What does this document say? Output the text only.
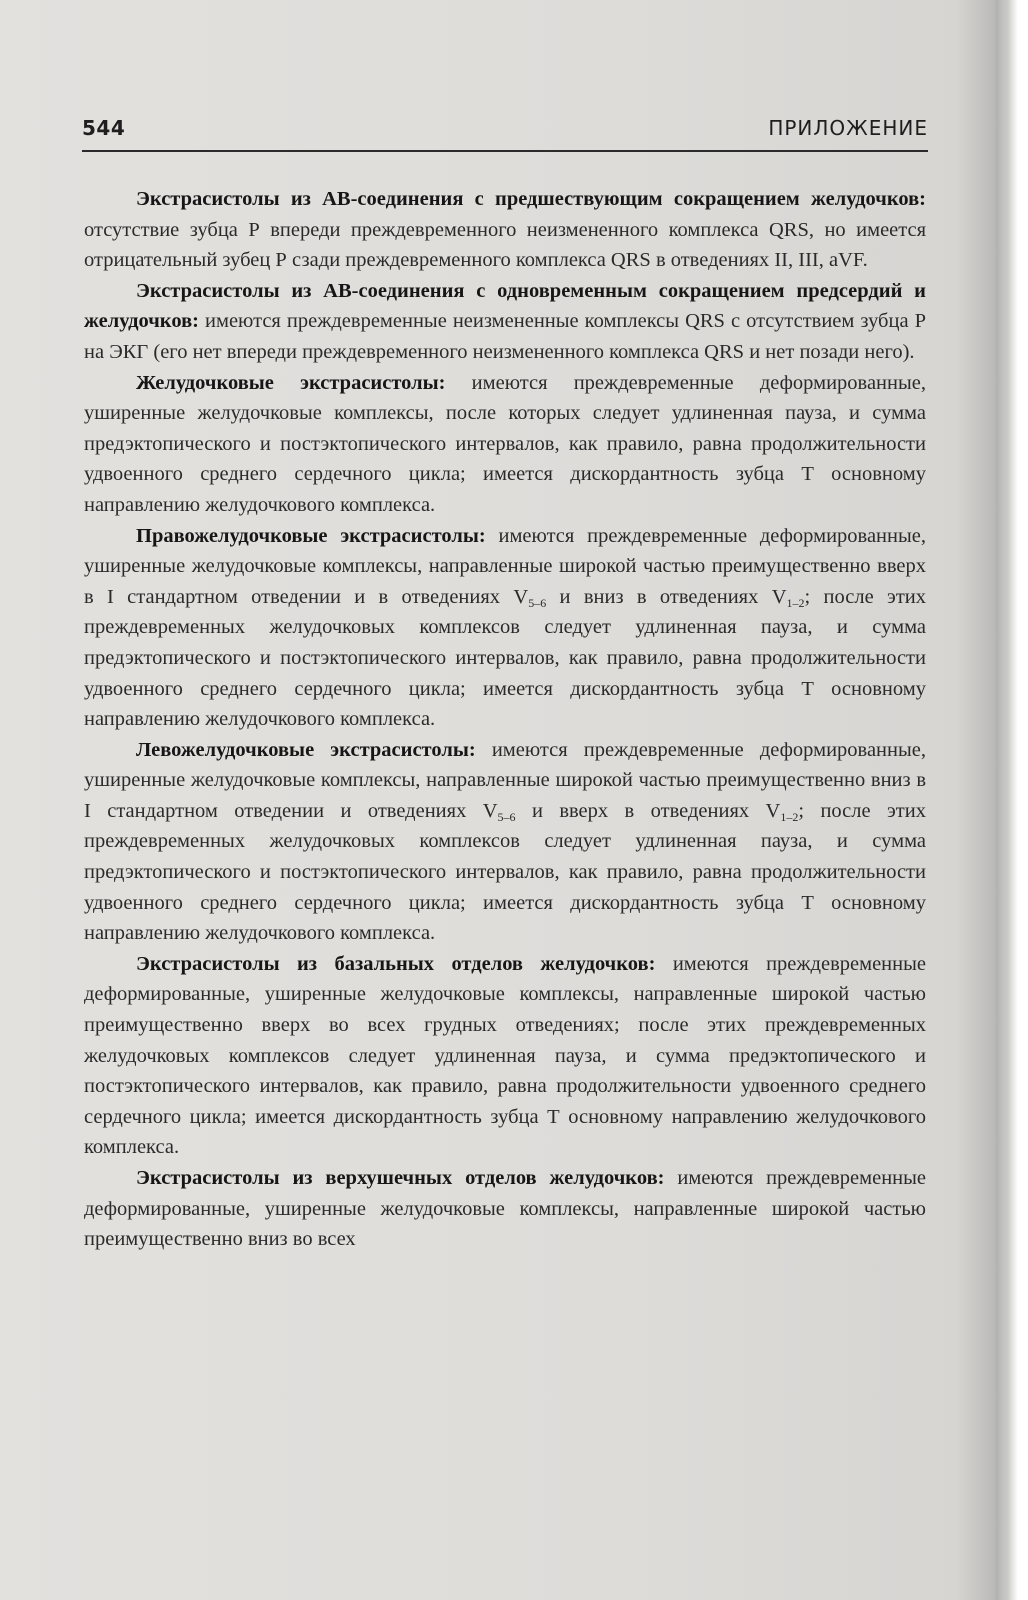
544	ПРИЛОЖЕНИЕ

Экстрасистолы из АВ-соединения с предшествующим сокращением желудочков: отсутствие зубца Р впереди преждевременного неизмененного комплекса QRS, но имеется отрицательный зубец Р сзади преждевременного комплекса QRS в отведениях II, III, aVF.

Экстрасистолы из АВ-соединения с одновременным сокращением предсердий и желудочков: имеются преждевременные неизмененные комплексы QRS с отсутствием зубца Р на ЭКГ (его нет впереди преждевременного неизмененного комплекса QRS и нет позади него).

Желудочковые экстрасистолы: имеются преждевременные деформированные, уширенные желудочковые комплексы, после которых следует удлиненная пауза, и сумма предэктопического и постэктопического интервалов, как правило, равна продолжительности удвоенного среднего сердечного цикла; имеется дискордантность зубца Т основному направлению желудочкового комплекса.

Правожелудочковые экстрасистолы: имеются преждевременные деформированные, уширенные желудочковые комплексы, направленные широкой частью преимущественно вверх в I стандартном отведении и в отведениях $V_{5-6}$ и вниз в отведениях $V_{1-2}$; после этих преждевременных желудочковых комплексов следует удлиненная пауза, и сумма предэктопического и постэктопического интервалов, как правило, равна продолжительности удвоенного среднего сердечного цикла; имеется дискордантность зубца Т основному направлению желудочкового комплекса.

Левожелудочковые экстрасистолы: имеются преждевременные деформированные, уширенные желудочковые комплексы, направленные широкой частью преимущественно вниз в I стандартном отведении и отведениях $V_{5-6}$ и вверх в отведениях $V_{1-2}$; после этих преждевременных желудочковых комплексов следует удлиненная пауза, и сумма предэктопического и постэктопического интервалов, как правило, равна продолжительности удвоенного среднего сердечного цикла; имеется дискордантность зубца Т основному направлению желудочкового комплекса.

Экстрасистолы из базальных отделов желудочков: имеются преждевременные деформированные, уширенные желудочковые комплексы, направленные широкой частью преимущественно вверх во всех грудных отведениях; после этих преждевременных желудочковых комплексов следует удлиненная пауза, и сумма предэктопического и постэктопического интервалов, как правило, равна продолжительности удвоенного среднего сердечного цикла; имеется дискордантность зубца Т основному направлению желудочкового комплекса.

Экстрасистолы из верхушечных отделов желудочков: имеются преждевременные деформированные, уширенные желудочковые комплексы, направленные широкой частью преимущественно вниз во всех
